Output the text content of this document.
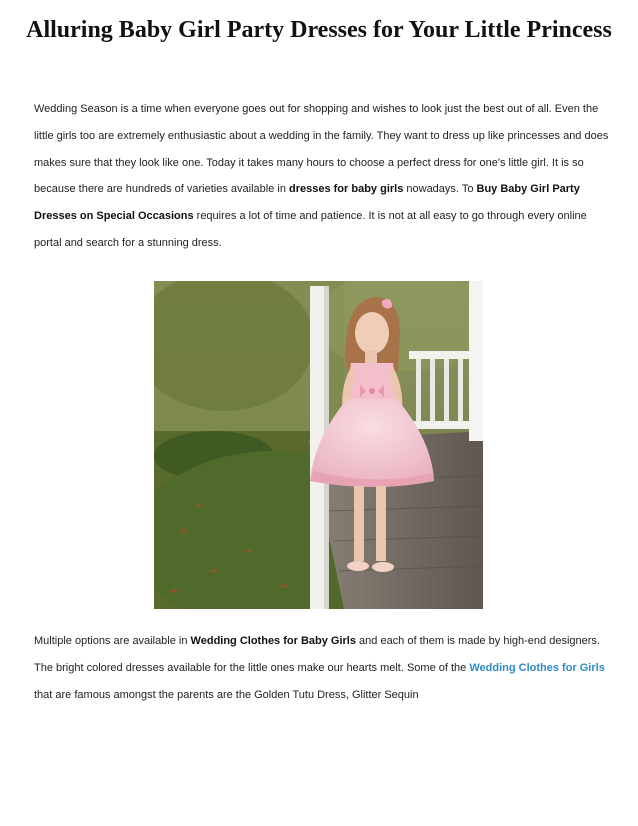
Alluring Baby Girl Party Dresses for Your Little Princess

Wedding Season is a time when everyone goes out for shopping and wishes to look just the best out of all. Even the little girls too are extremely enthusiastic about a wedding in the family. They want to dress up like princesses and does makes sure that they look like one. Today it takes many hours to choose a perfect dress for one's little girl. It is so because there are hundreds of varieties available in dresses for baby girls nowadays. To Buy Baby Girl Party Dresses on Special Occasions requires a lot of time and patience. It is not at all easy to go through every online portal and search for a stunning dress.

Multiple options are available in Wedding Clothes for Baby Girls and each of them is made by high-end designers. The bright colored dresses available for the little ones make our hearts melt. Some of the Wedding Clothes for Girls that are famous amongst the parents are the Golden Tutu Dress, Glitter Sequin
